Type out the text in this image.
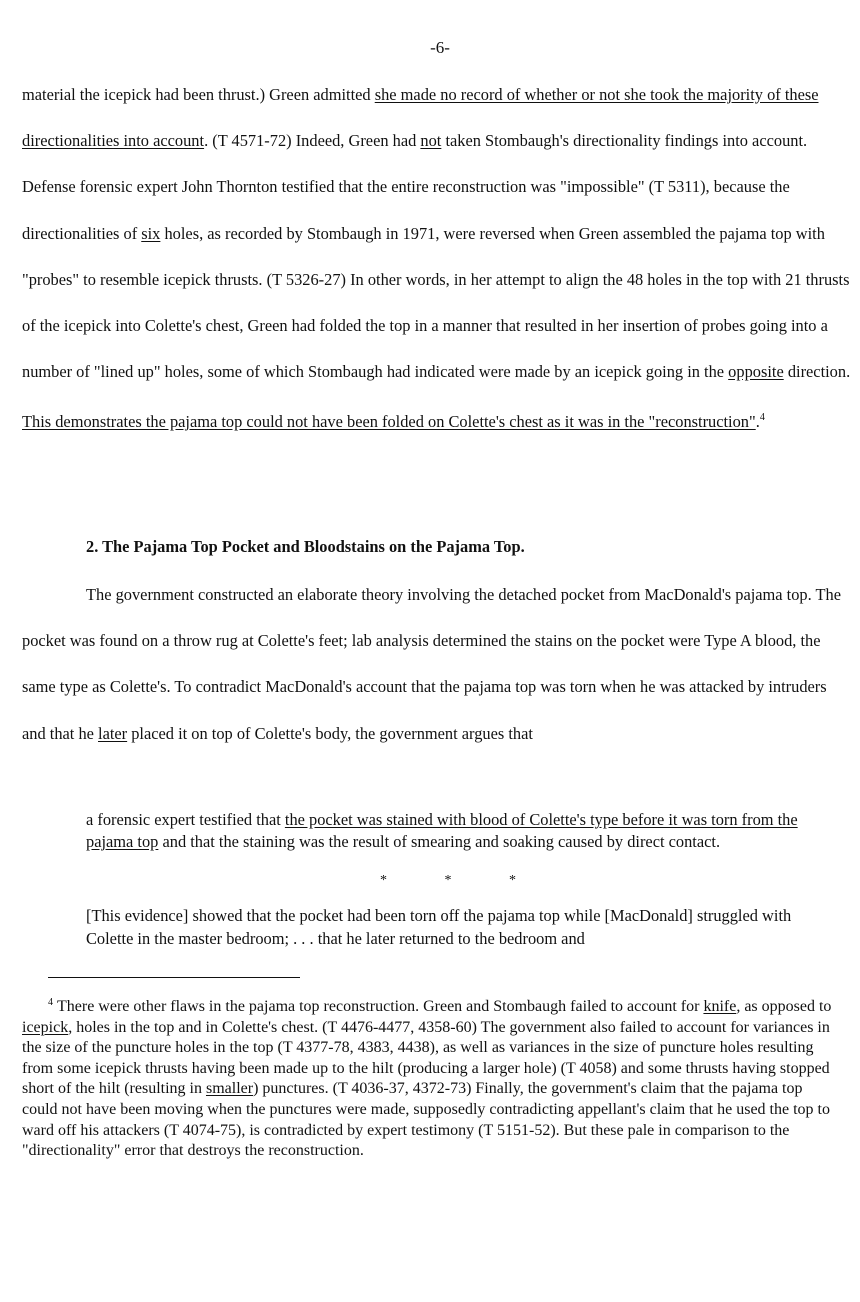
-6-

material the icepick had been thrust.) Green admitted she made no record of whether or not she took the majority of these directionalities into account. (T 4571-72) Indeed, Green had not taken Stombaugh's directionality findings into account. Defense forensic expert John Thornton testified that the entire reconstruction was "impossible" (T 5311), because the directionalities of six holes, as recorded by Stombaugh in 1971, were reversed when Green assembled the pajama top with "probes" to resemble icepick thrusts. (T 5326-27) In other words, in her attempt to align the 48 holes in the top with 21 thrusts of the icepick into Colette's chest, Green had folded the top in a manner that resulted in her insertion of probes going into a number of "lined up" holes, some of which Stombaugh had indicated were made by an icepick going in the opposite direction. This demonstrates the pajama top could not have been folded on Colette's chest as it was in the "reconstruction".$^4$

2. The Pajama Top Pocket and Bloodstains on the Pajama Top.

The government constructed an elaborate theory involving the detached pocket from MacDonald's pajama top. The pocket was found on a throw rug at Colette's feet; lab analysis determined the stains on the pocket were Type A blood, the same type as Colette's. To contradict MacDonald's account that the pajama top was torn when he was attacked by intruders and that he later placed it on top of Colette's body, the government argues that

a forensic expert testified that the pocket was stained with blood of Colette's type before it was torn from the pajama top and that the staining was the result of smearing and soaking caused by direct contact.

* * *
[This evidence] showed that the pocket had been torn off the pajama top while [MacDonald] struggled with Colette in the master bedroom; . . . that he later returned to the bedroom and
$^4$ There were other flaws in the pajama top reconstruction. Green and Stombaugh failed to account for knife, as opposed to icepick, holes in the top and in Colette's chest. (T 4476-4477, 4358-60) The government also failed to account for variances in the size of the puncture holes in the top (T 4377-78, 4383, 4438), as well as variances in the size of puncture holes resulting from some icepick thrusts having been made up to the hilt (producing a larger hole) (T 4058) and some thrusts having stopped short of the hilt (resulting in smaller) punctures. (T 4036-37, 4372-73) Finally, the government's claim that the pajama top could not have been moving when the punctures were made, supposedly contradicting appellant's claim that he used the top to ward off his attackers (T 4074-75), is contradicted by expert testimony (T 5151-52). But these pale in comparison to the "directionality" error that destroys the reconstruction.
